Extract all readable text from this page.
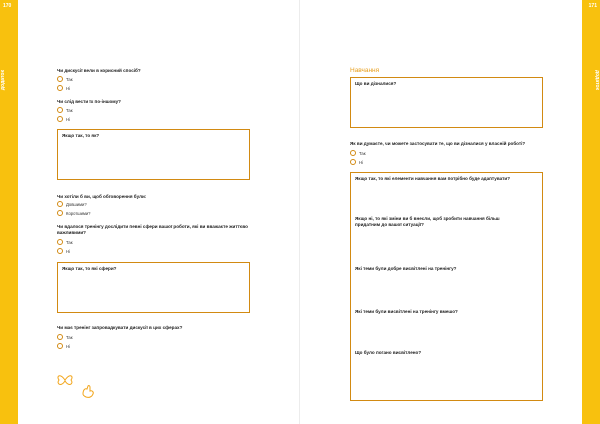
170	171
додаток	додаток
Чи дискусії вели в корисний спосіб?
Так
Ні
Чи слід вести їх по-іншому?
Так
Ні
Якщо так, то як?
Чи хотіли б ви, щоб обговорення були:
Довшими?
Коротшими?
Чи вдалося тренінгу дослідити певні сфери вашої роботи, які ви вважаєте життєво важливими?
Так
Ні
Якщо так, то які сфери?
Чи має тренінг запровадкувати дискусії в цих сферах?
Так
Ні
Навчання
Що ви дізналися?
Як ви думаєте, чи можете застосувати те, що ви дізналися у власній роботі?
Так
Ні
Якщо так, то які елементи навчання вам потрібно буде адаптувати?
Якщо ні, то які зміни ви б внесли, щоб зробити навчання більш придатним до вашої ситуації?
Які теми були добре висвітлені на тренінгу?
Які теми були висвітлені на тренінгу вмешо?
Що було погано висвітлено?
